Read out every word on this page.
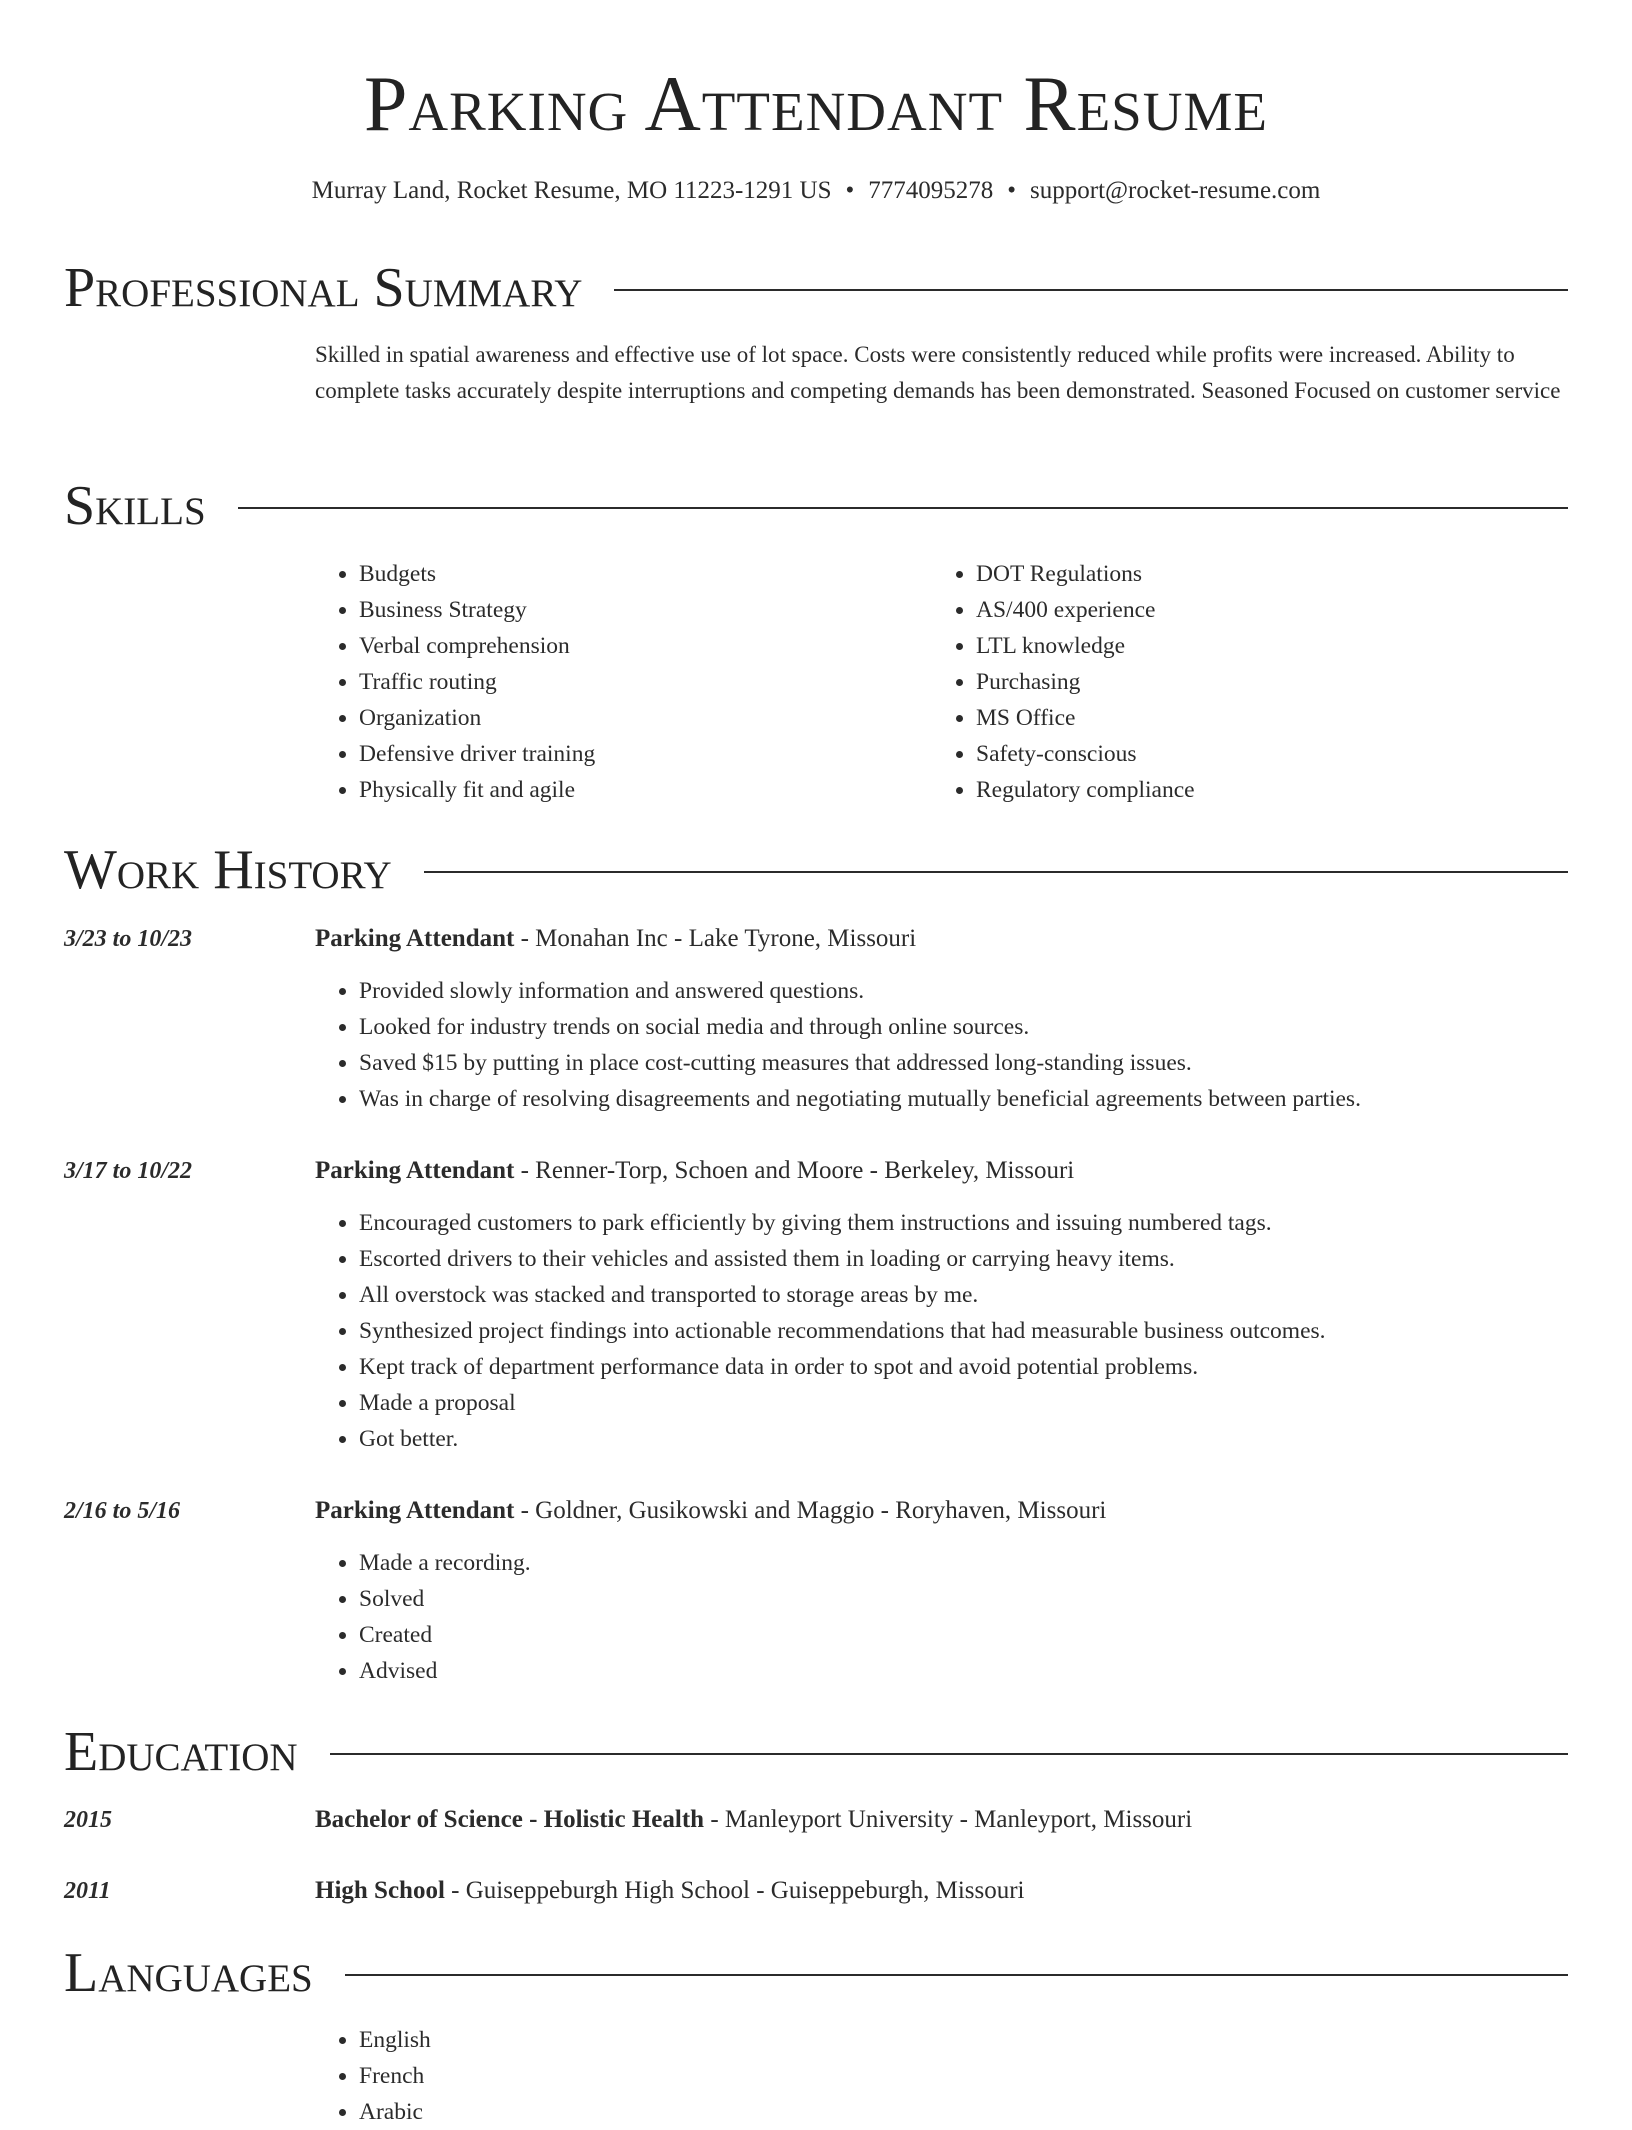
Parking Attendant Resume
Murray Land, Rocket Resume, MO 11223-1291 US • 7774095278 • support@rocket-resume.com
Professional Summary
Skilled in spatial awareness and effective use of lot space. Costs were consistently reduced while profits were increased. Ability to complete tasks accurately despite interruptions and competing demands has been demonstrated. Seasoned Focused on customer service
Skills
• Budgets
• Business Strategy
• Verbal comprehension
• Traffic routing
• Organization
• Defensive driver training
• Physically fit and agile
• DOT Regulations
• AS/400 experience
• LTL knowledge
• Purchasing
• MS Office
• Safety-conscious
• Regulatory compliance
Work History
3/23 to 10/23	Parking Attendant - Monahan Inc - Lake Tyrone, Missouri
• Provided slowly information and answered questions.
• Looked for industry trends on social media and through online sources.
• Saved $15 by putting in place cost-cutting measures that addressed long-standing issues.
• Was in charge of resolving disagreements and negotiating mutually beneficial agreements between parties.
3/17 to 10/22	Parking Attendant - Renner-Torp, Schoen and Moore - Berkeley, Missouri
• Encouraged customers to park efficiently by giving them instructions and issuing numbered tags.
• Escorted drivers to their vehicles and assisted them in loading or carrying heavy items.
• All overstock was stacked and transported to storage areas by me.
• Synthesized project findings into actionable recommendations that had measurable business outcomes.
• Kept track of department performance data in order to spot and avoid potential problems.
• Made a proposal
• Got better.
2/16 to 5/16	Parking Attendant - Goldner, Gusikowski and Maggio - Roryhaven, Missouri
• Made a recording.
• Solved
• Created
• Advised
Education
2015	Bachelor of Science - Holistic Health - Manleyport University - Manleyport, Missouri
2011	High School - Guiseppeburgh High School - Guiseppeburgh, Missouri
Languages
• English
• French
• Arabic
